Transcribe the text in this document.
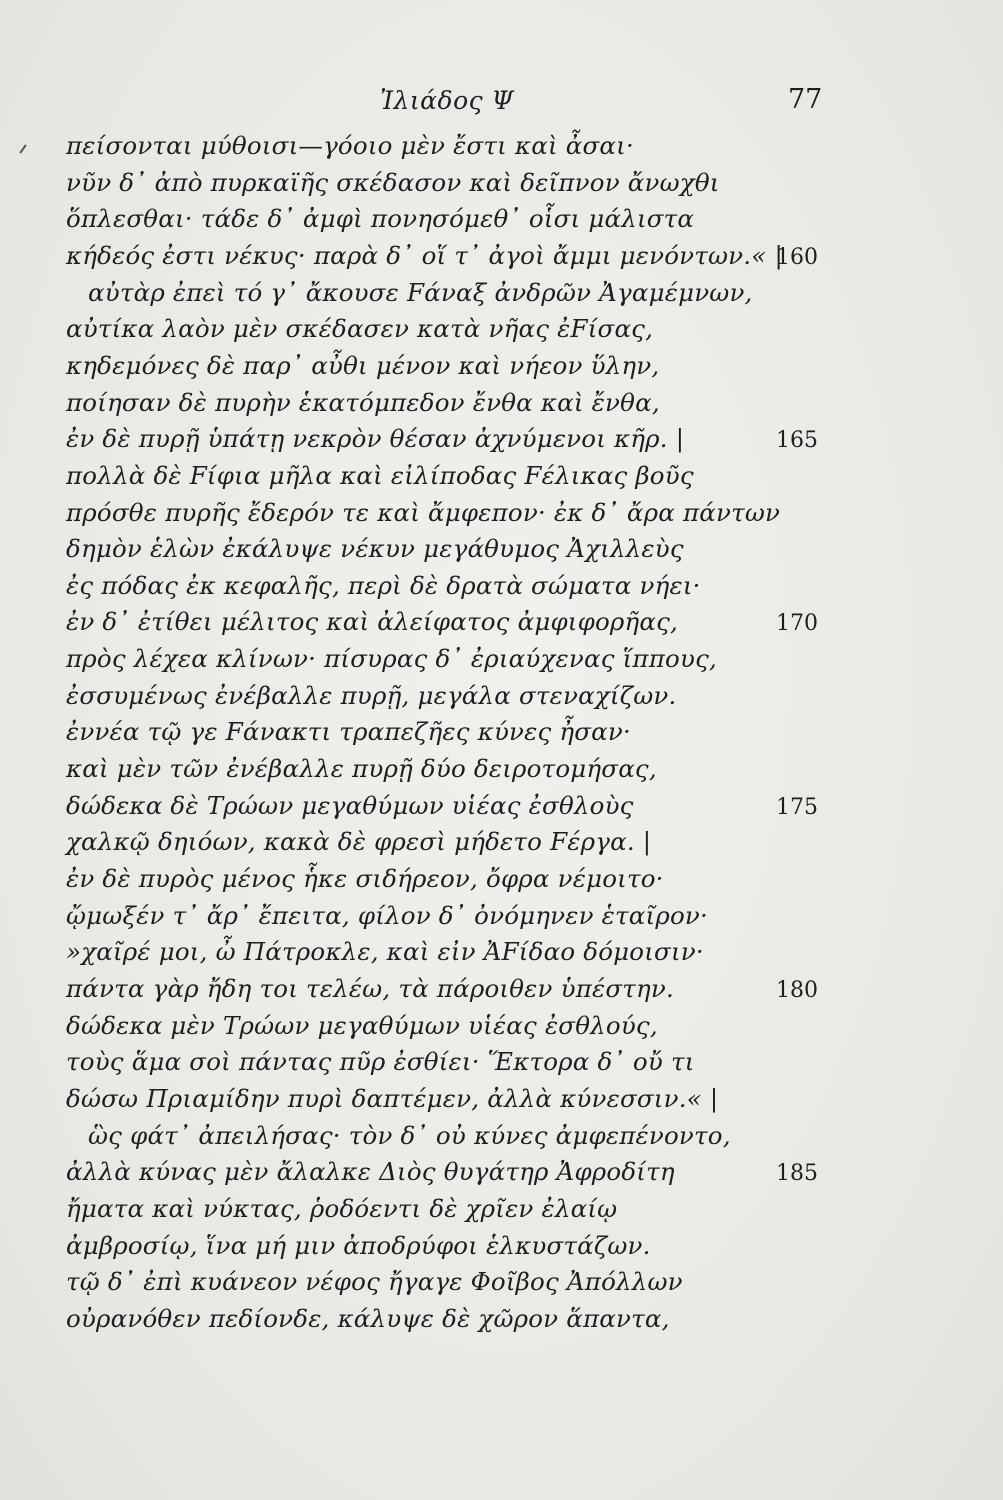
Ἰλιάδος Ψ	77
πείσονται μύθοισι—γόοιο μὲν ἔστι καὶ ἆσαι·
νῦν δ᾿ ἀπὸ πυρκαϊῆς σκέδασον καὶ δεῖπνον ἄνωχθι
ὅπλεσθαι· τάδε δ᾿ ἀμφὶ πονησόμεθ᾿ οἷσι μάλιστα
κήδεός ἐστι νέκυς· παρὰ δ᾿ οἵ τ᾿ ἀγοὶ ἄμμι μενόντων.« |
160
αὐτὰρ ἐπεὶ τό γ᾿ ἄκουσε Fάναξ ἀνδρῶν Ἀγαμέμνων,
αὐτίκα λαὸν μὲν σκέδασεν κατὰ νῆας ἐFίσας,
κηδεμόνες δὲ παρ᾿ αὖθι μένον καὶ νήεον ὕλην,
ποίησαν δὲ πυρὴν ἑκατόμπεδον ἔνθα καὶ ἔνθα,
ἐν δὲ πυρῇ ὑπάτῃ νεκρὸν θέσαν ἀχνύμενοι κῆρ. |	165
πολλὰ δὲ Fίφια μῆλα καὶ εἰλίποδας Fέλικας βοῦς
πρόσθε πυρῆς ἔδερόν τε καὶ ἄμφεπον· ἐκ δ᾿ ἄρα πάντων
δημὸν ἑλὼν ἐκάλυψε νέκυν μεγάθυμος Ἀχιλλεὺς
ἐς πόδας ἐκ κεφαλῆς, περὶ δὲ δρατὰ σώματα νήει·
ἐν δ᾿ ἐτίθει μέλιτος καὶ ἀλείφατος ἀμφιφορῆας,	170
πρὸς λέχεα κλίνων· πίσυρας δ᾿ ἐριαύχενας ἵππους,
ἐσσυμένως ἐνέβαλλε πυρῇ, μεγάλα στεναχίζων.
ἐννέα τῷ γε Fάνακτι τραπεζῆες κύνες ἦσαν·
καὶ μὲν τῶν ἐνέβαλλε πυρῇ δύο δειροτομήσας,
δώδεκα δὲ Τρώων μεγαθύμων υἱέας ἐσθλοὺς	175
χαλκῷ δηιόων, κακὰ δὲ φρεσὶ μήδετο Fέργα. |
ἐν δὲ πυρὸς μένος ἧκε σιδήρεον, ὄφρα νέμοιτο·
ᾤμωξέν τ᾿ ἄρ᾿ ἔπειτα, φίλον δ᾿ ὀνόμηνεν ἑταῖρον·
»χαῖρέ μοι, ὦ Πάτροκλε, καὶ εἰν ἈFίδαο δόμοισιν·
πάντα γὰρ ἤδη τοι τελέω, τὰ πάροιθεν ὑπέστην.	180
δώδεκα μὲν Τρώων μεγαθύμων υἱέας ἐσθλούς,
τοὺς ἅμα σοὶ πάντας πῦρ ἐσθίει· Ἕκτορα δ᾿ οὔ τι
δώσω Πριαμίδην πυρὶ δαπτέμεν, ἀλλὰ κύνεσσιν.« |
ὣς φάτ᾿ ἀπειλήσας· τὸν δ᾿ οὐ κύνες ἀμφεπένοντο,
ἀλλὰ κύνας μὲν ἄλαλκε Διὸς θυγάτηρ Ἀφροδίτη	185
ἤματα καὶ νύκτας, ῥοδόεντι δὲ χρῖεν ἐλαίῳ
ἀμβροσίῳ, ἵνα μή μιν ἀποδρύφοι ἑλκυστάζων.
τῷ δ᾿ ἐπὶ κυάνεον νέφος ἤγαγε Φοῖβος Ἀπόλλων
οὐρανόθεν πεδίονδε, κάλυψε δὲ χῶρον ἅπαντα,
